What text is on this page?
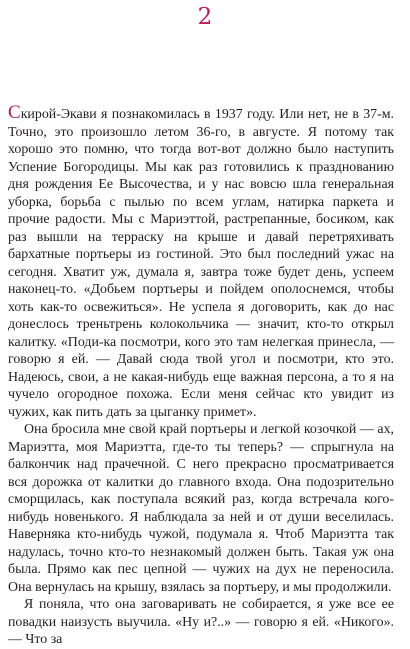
2

Скирой-Экави я познакомилась в 1937 году. Или нет, не в 37-м. Точно, это произошло летом 36-го, в августе. Я потому так хорошо это помню, что тогда вот-вот должно было наступить Успение Богородицы. Мы как раз готовились к празднованию дня рождения Ее Высочества, и у нас вовсю шла генеральная уборка, борьба с пылью по всем углам, натирка паркета и прочие радости. Мы с Мариэттой, растрепанные, босиком, как раз вышли на терраску на крыше и давай перетряхивать бархатные портьеры из гостиной. Это был последний ужас на сегодня. Хватит уж, думала я, завтра тоже будет день, успеем наконец-то. «Добьем портьеры и пойдем ополоснемся, чтобы хоть как-то освежиться». Не успела я договорить, как до нас донеслось треньтрень колокольчика — значит, кто-то открыл калитку. «Поди-ка посмотри, кого это там нелегкая принесла, — говорю я ей. — Давай сюда твой угол и посмотри, кто это. Надеюсь, свои, а не какая-нибудь еще важная персона, а то я на чучело огородное похожа. Если меня сейчас кто увидит из чужих, как пить дать за цыганку примет».

Она бросила мне свой край портьеры и легкой козочкой — ах, Мариэтта, моя Мариэтта, где-то ты теперь? — спрыгнула на балкончик над прачечной. С него прекрасно просматривается вся дорожка от калитки до главного входа. Она подозрительно сморщилась, как поступала всякий раз, когда встречала кого-нибудь новенького. Я наблюдала за ней и от души веселилась. Наверняка кто-нибудь чужой, подумала я. Чтоб Мариэтта так надулась, точно кто-то незнакомый должен быть. Такая уж она была. Прямо как пес цепной — чужих на дух не переносила. Она вернулась на крышу, взялась за портьеру, и мы продолжили.

Я поняла, что она заговаривать не собирается, я уже все ее повадки наизусть выучила. «Ну и?..» — говорю я ей. «Никого». — Что за
